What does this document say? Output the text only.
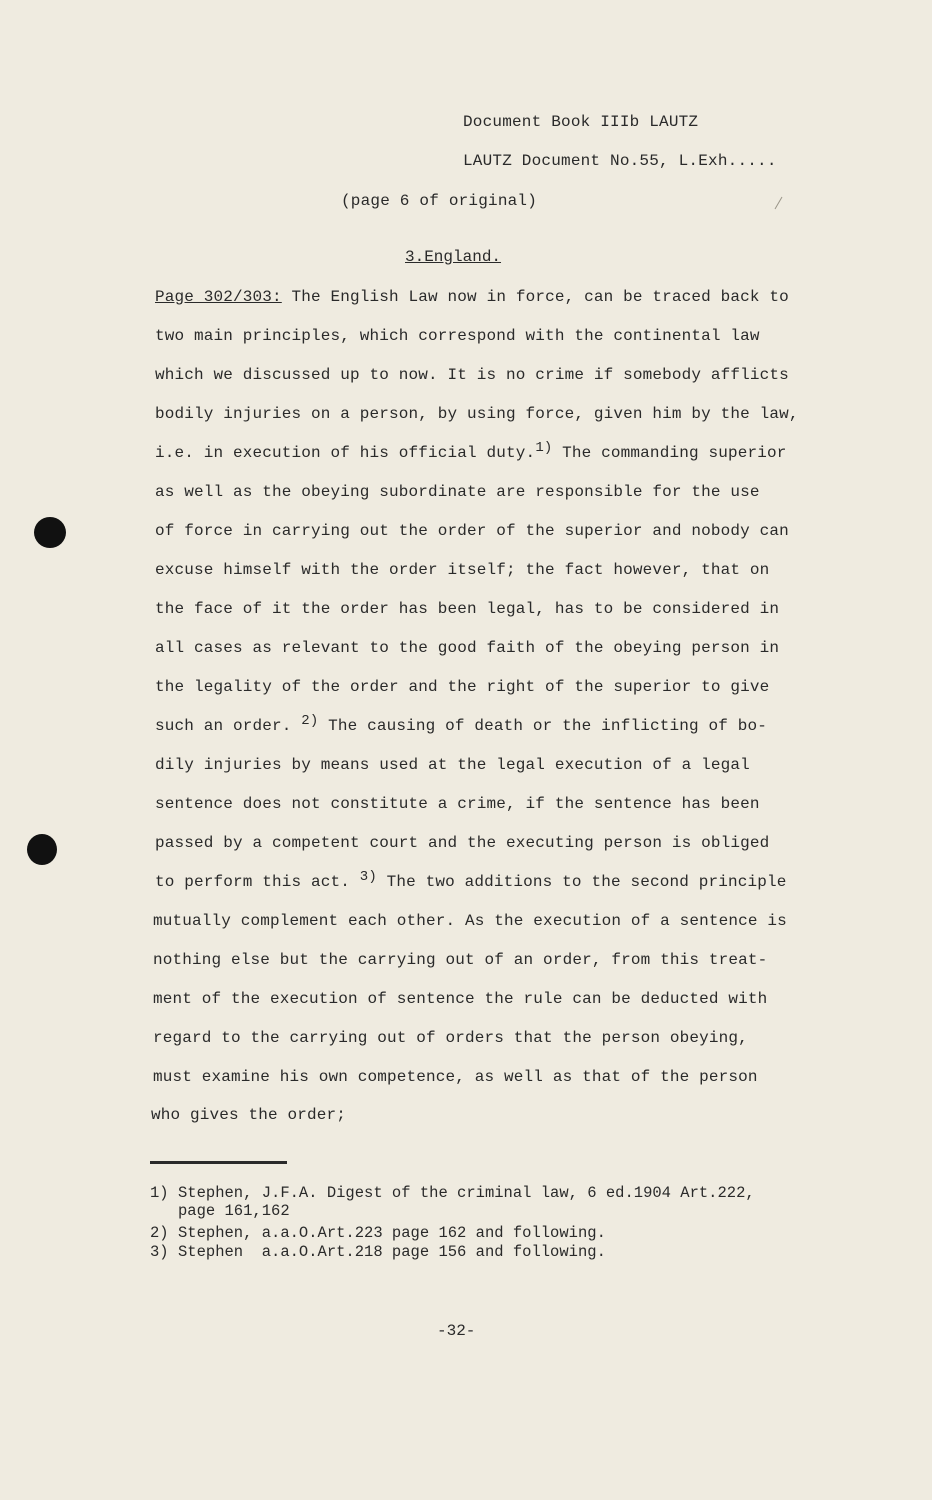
Document Book IIIb LAUTZ
LAUTZ Document No.55, L.Exh.....
(page 6 of original)
3.England.
Page 302/303: The English Law now in force, can be traced back to
two main principles, which correspond with the continental law
which we discussed up to now. It is no crime if somebody afflicts
bodily injuries on a person, by using force, given him by the law,
i.e. in execution of his official duty.$^{1)}$ The commanding superior
as well as the obeying subordinate are responsible for the use
of force in carrying out the order of the superior and nobody can
excuse himself with the order itself; the fact however, that on
the face of it the order has been legal, has to be considered in
all cases as relevant to the good faith of the obeying person in
the legality of the order and the right of the superior to give
such an order. $^{2)}$ The causing of death or the inflicting of bo-
dily injuries by means used at the legal execution of a legal
sentence does not constitute a crime, if the sentence has been
passed by a competent court and the executing person is obliged
to perform this act. $^{3)}$ The two additions to the second principle
mutually complement each other. As the execution of a sentence is
nothing else but the carrying out of an order, from this treat-
ment of the execution of sentence the rule can be deducted with
regard to the carrying out of orders that the person obeying,
must examine his own competence, as well as that of the person
who gives the order;
1) Stephen, J.F.A. Digest of the criminal law, 6 ed.1904 Art.222,
page 161,162
2) Stephen, a.a.O.Art.223 page 162 and following.
3) Stephen  a.a.O.Art.218 page 156 and following.
-32-
